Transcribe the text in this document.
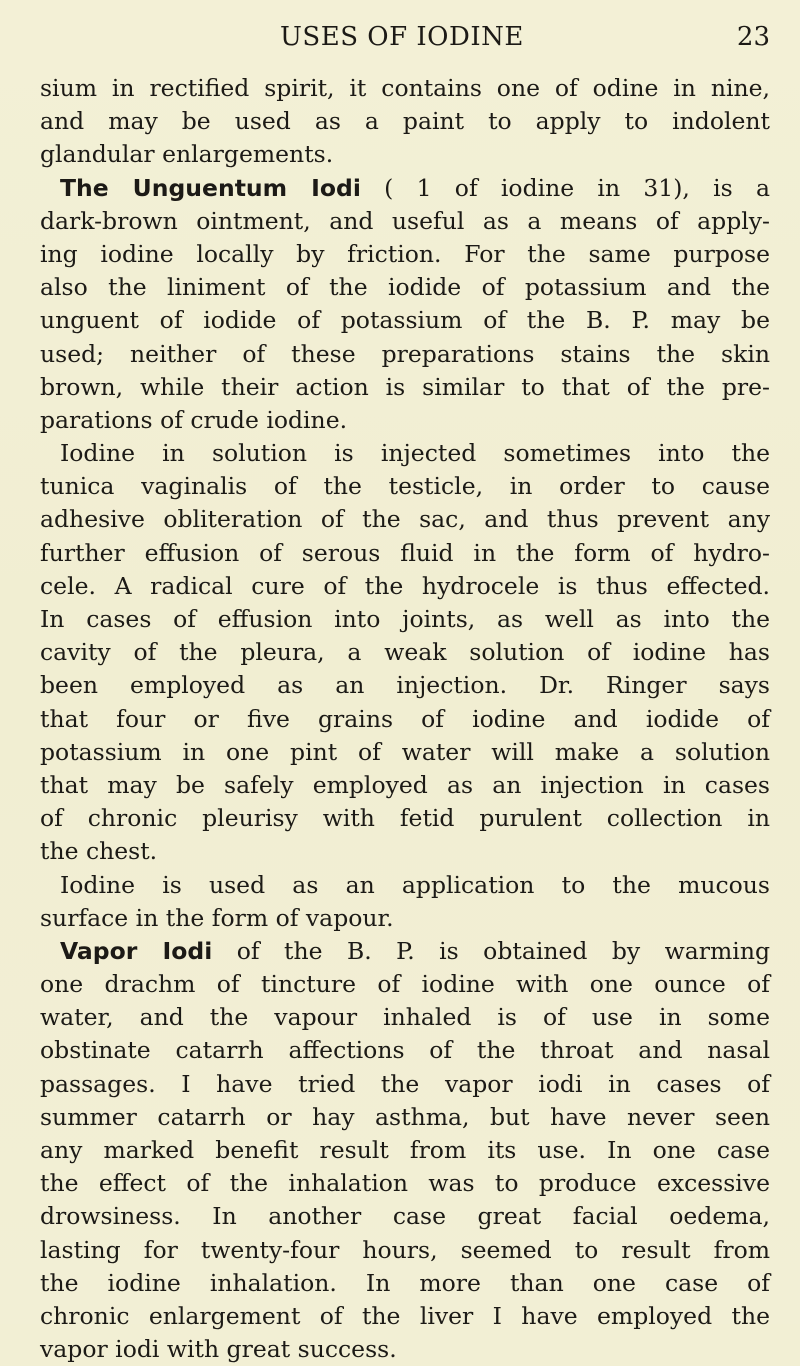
USES OF IODINE	23
sium in rectified spirit, it contains one of odine in nine,
and may be used as a paint to apply to indolent
glandular enlargements.
The Unguentum Iodi ( 1 of iodine in 31), is a
dark-brown ointment, and useful as a means of apply-
ing iodine locally by friction. For the same purpose
also the liniment of the iodide of potassium and the
unguent of iodide of potassium of the B. P. may be
used; neither of these preparations stains the skin
brown, while their action is similar to that of the pre-
parations of crude iodine.
Iodine in solution is injected sometimes into the
tunica vaginalis of the testicle, in order to cause
adhesive obliteration of the sac, and thus prevent any
further effusion of serous fluid in the form of hydro-
cele. A radical cure of the hydrocele is thus effected.
In cases of effusion into joints, as well as into the
cavity of the pleura, a weak solution of iodine has
been employed as an injection. Dr. Ringer says
that four or five grains of iodine and iodide of
potassium in one pint of water will make a solution
that may be safely employed as an injection in cases
of chronic pleurisy with fetid purulent collection in
the chest.
Iodine is used as an application to the mucous
surface in the form of vapour.
Vapor Iodi of the B. P. is obtained by warming
one drachm of tincture of iodine with one ounce of
water, and the vapour inhaled is of use in some
obstinate catarrh affections of the throat and nasal
passages. I have tried the vapor iodi in cases of
summer catarrh or hay asthma, but have never seen
any marked benefit result from its use. In one case
the effect of the inhalation was to produce excessive
drowsiness. In another case great facial oedema,
lasting for twenty-four hours, seemed to result from
the iodine inhalation. In more than one case of
chronic enlargement of the liver I have employed the
vapor iodi with great success.
